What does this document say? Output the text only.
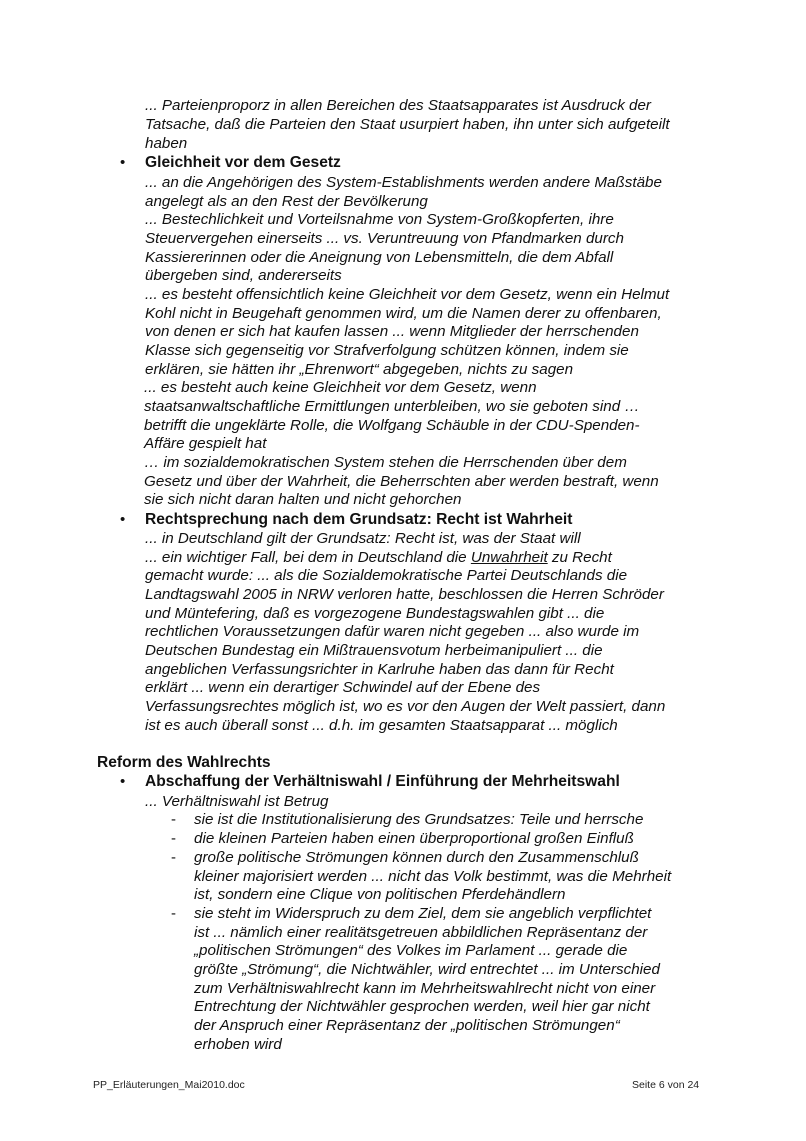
... Parteienproporz in allen Bereichen des Staatsapparates ist Ausdruck der
Tatsache, daß die Parteien den Staat usurpiert haben, ihn unter sich aufgeteilt
haben
• Gleichheit vor dem Gesetz
... an die Angehörigen des System-Establishments werden andere Maßstäbe
angelegt als an den Rest der Bevölkerung
... Bestechlichkeit und Vorteilsnahme von System-Großkopferten, ihre
Steuervergehen einerseits ... vs. Veruntreuung von Pfandmarken durch
Kassiererinnen oder die Aneignung von Lebensmitteln, die dem Abfall
übergeben sind, andererseits
... es besteht offensichtlich keine Gleichheit vor dem Gesetz, wenn ein Helmut
Kohl nicht in Beugehaft genommen wird, um die Namen derer zu offenbaren,
von denen er sich hat kaufen lassen ... wenn Mitglieder der herrschenden
Klasse sich gegenseitig vor Strafverfolgung schützen können, indem sie
erklären, sie hätten ihr „Ehrenwort“ abgegeben, nichts zu sagen
... es besteht auch keine Gleichheit vor dem Gesetz, wenn
staatsanwaltschaftliche Ermittlungen unterbleiben, wo sie geboten sind …
betrifft die ungeklärte Rolle, die Wolfgang Schäuble in der CDU-Spenden-
Affäre gespielt hat
… im sozialdemokratischen System stehen die Herrschenden über dem
Gesetz und über der Wahrheit, die Beherrschten aber werden bestraft, wenn
sie sich nicht daran halten und nicht gehorchen
• Rechtsprechung nach dem Grundsatz: Recht ist Wahrheit
... in Deutschland gilt der Grundsatz: Recht ist, was der Staat will
... ein wichtiger Fall, bei dem in Deutschland die Unwahrheit zu Recht
gemacht wurde: ... als die Sozialdemokratische Partei Deutschlands die
Landtagswahl 2005 in NRW verloren hatte, beschlossen die Herren Schröder
und Müntefering, daß es vorgezogene Bundestagswahlen gibt ... die
rechtlichen Voraussetzungen dafür waren nicht gegeben ... also wurde im
Deutschen Bundestag ein Mißtrauensvotum herbeimanipuliert ... die
angeblichen Verfassungsrichter in Karlruhe haben das dann für Recht
erklärt ... wenn ein derartiger Schwindel auf der Ebene des
Verfassungsrechtes möglich ist, wo es vor den Augen der Welt passiert, dann
ist es auch überall sonst ... d.h. im gesamten Staatsapparat ... möglich
Reform des Wahlrechts
• Abschaffung der Verhältniswahl / Einführung der Mehrheitswahl
... Verhältniswahl ist Betrug
- sie ist die Institutionalisierung des Grundsatzes: Teile und herrsche
- die kleinen Parteien haben einen überproportional großen Einfluß
- große politische Strömungen können durch den Zusammenschluß
kleiner majorisiert werden ... nicht das Volk bestimmt, was die Mehrheit
ist, sondern eine Clique von politischen Pferdehändlern
- sie steht im Widerspruch zu dem Ziel, dem sie angeblich verpflichtet
ist ... nämlich einer realitätsgetreuen abbildlichen Repräsentanz der
„politischen Strömungen“ des Volkes im Parlament ... gerade die
größte „Strömung“, die Nichtwähler, wird entrechtet ... im Unterschied
zum Verhältniswahlrecht kann im Mehrheitswahlrecht nicht von einer
Entrechtung der Nichtwähler gesprochen werden, weil hier gar nicht
der Anspruch einer Repräsentanz der „politischen Strömungen“
erhoben wird
PP_Erläuterungen_Mai2010.doc	Seite 6 von 24
